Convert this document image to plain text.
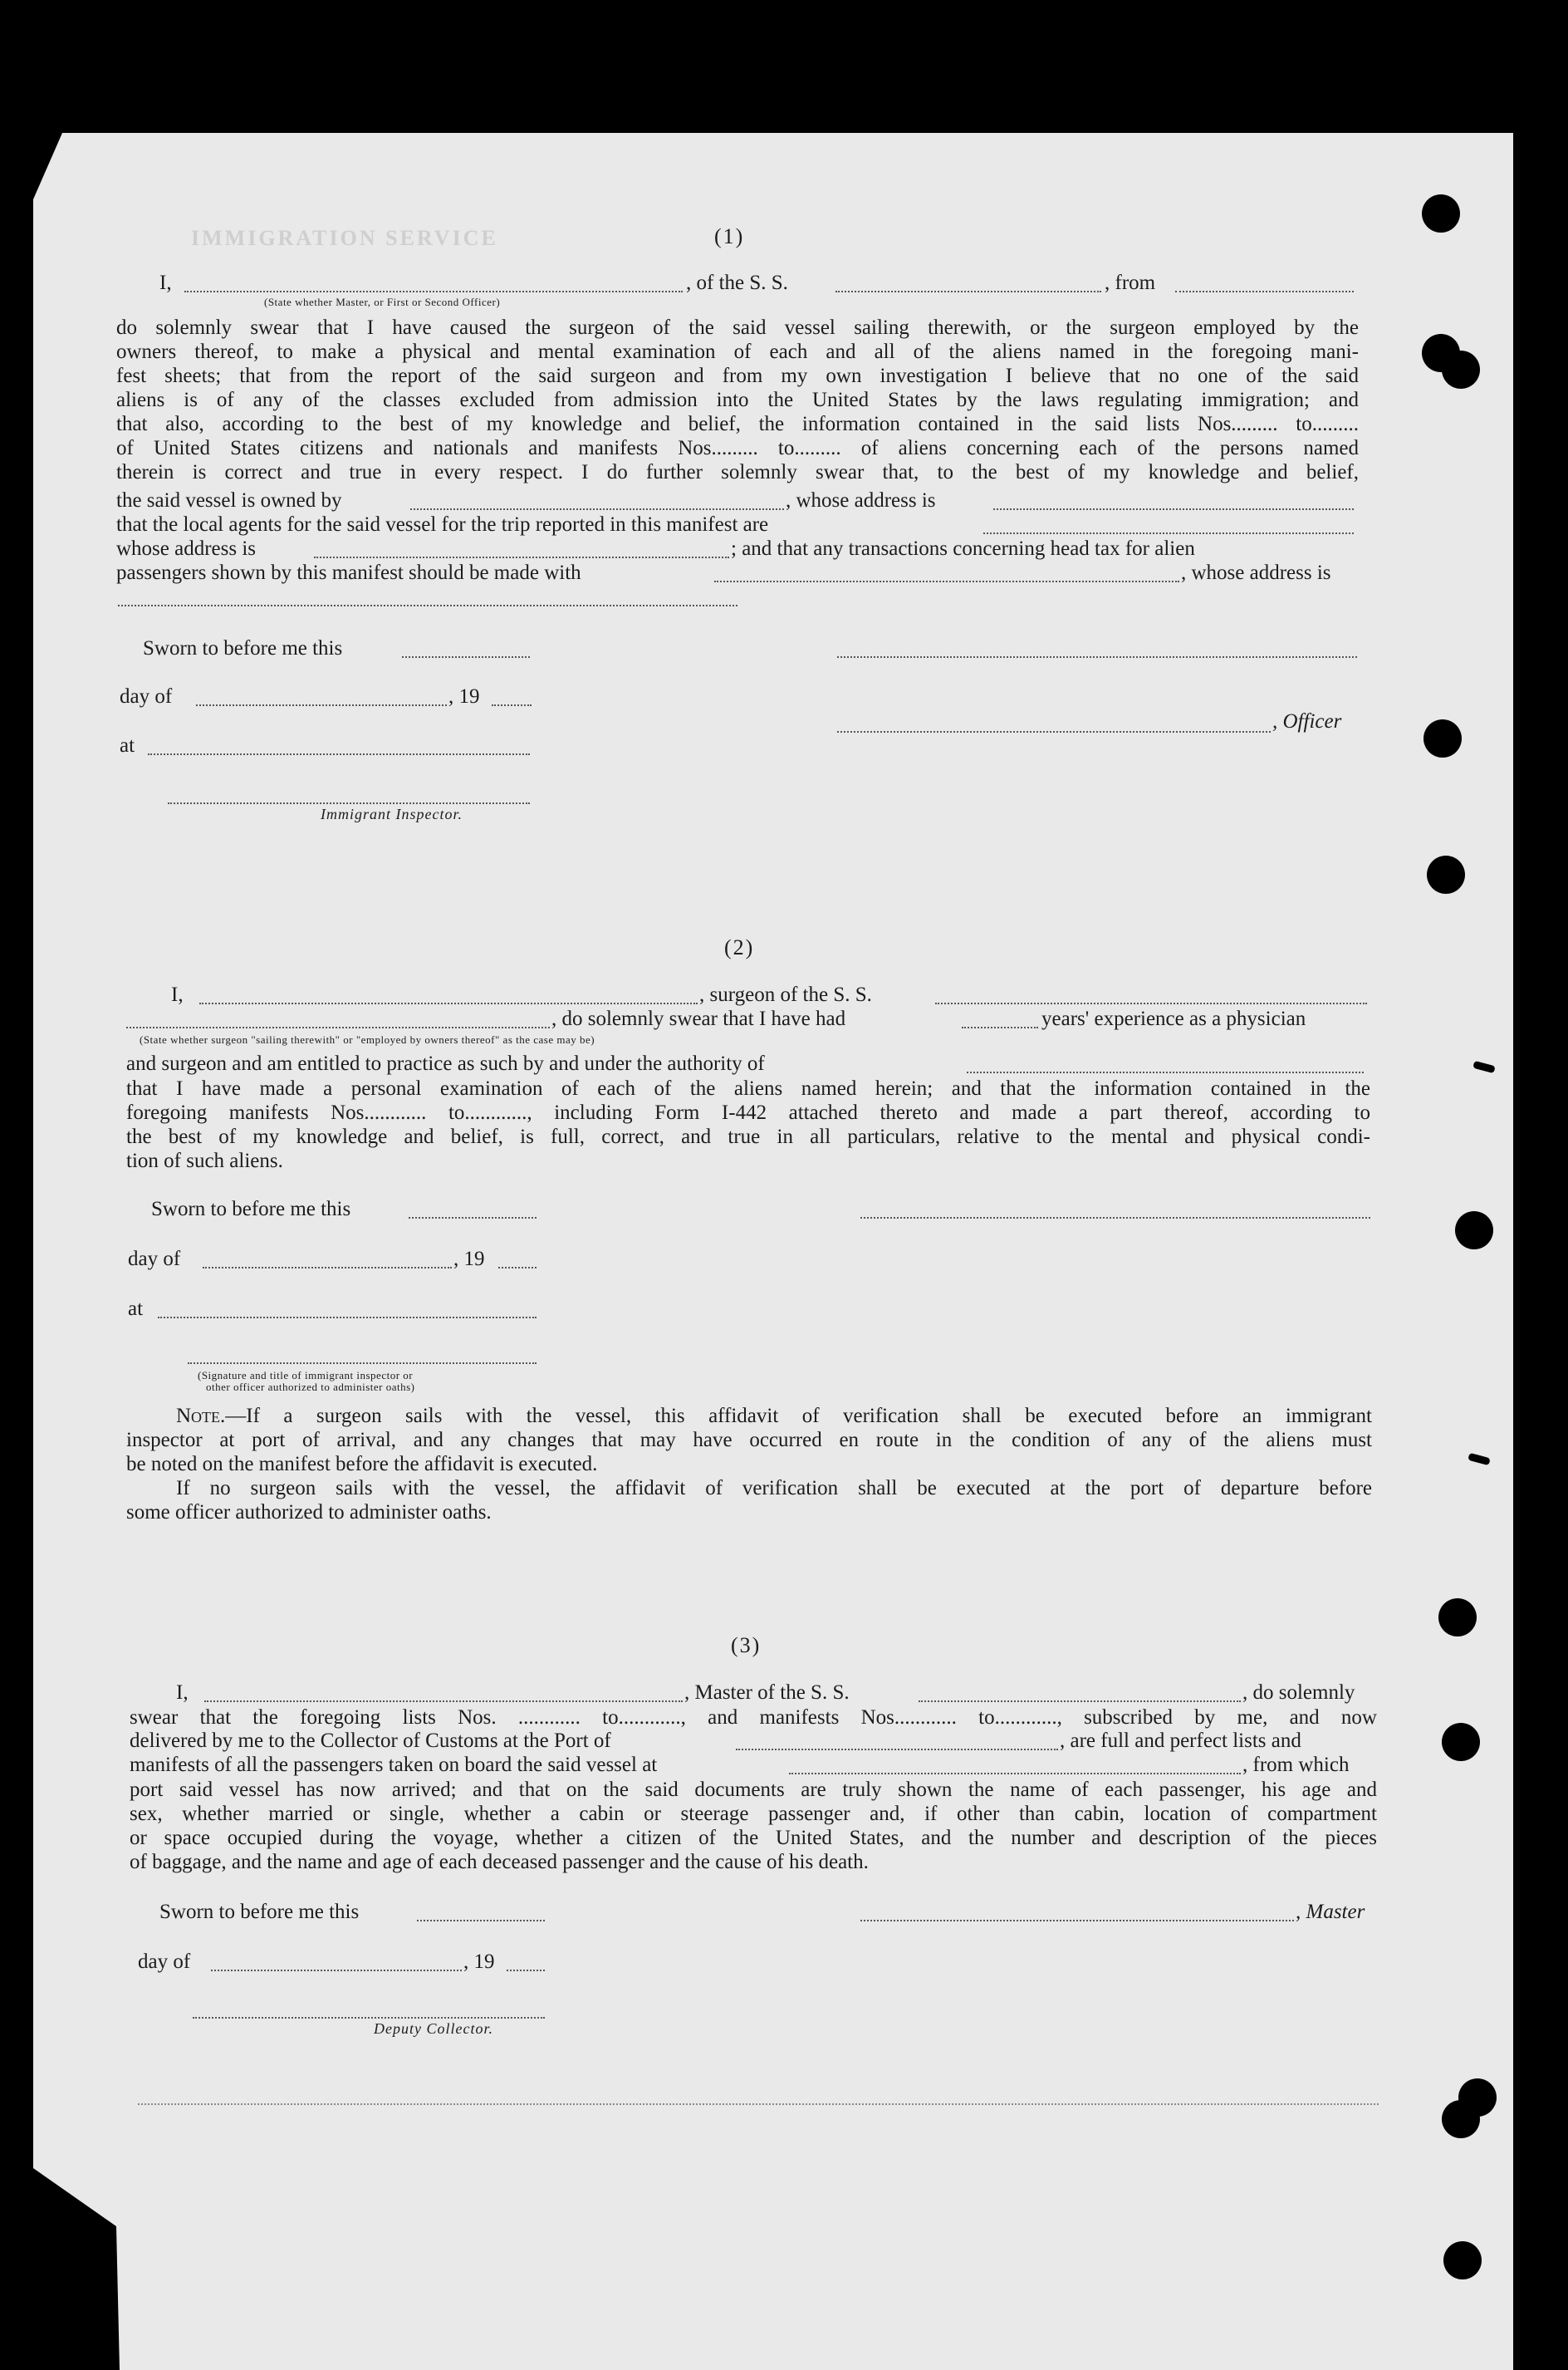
IMMIGRATION SERVICE	(1)
I,	, of the S. S.	, from
(State whether Master, or First or Second Officer)
do solemnly swear that I have caused the surgeon of the said vessel sailing therewith, or the surgeon employed by the
owners thereof, to make a physical and mental examination of each and all of the aliens named in the foregoing mani-
fest sheets; that from the report of the said surgeon and from my own investigation I believe that no one of the said
aliens is of any of the classes excluded from admission into the United States by the laws regulating immigration; and
that also, according to the best of my knowledge and belief, the information contained in the said lists Nos......... to.........
of United States citizens and nationals and manifests Nos......... to......... of aliens concerning each of the persons named
therein is correct and true in every respect. I do further solemnly swear that, to the best of my knowledge and belief,
the said vessel is owned by	, whose address is
that the local agents for the said vessel for the trip reported in this manifest are
whose address is	; and that any transactions concerning head tax for alien
passengers shown by this manifest should be made with	, whose address is
Sworn to before me this
day of	, 19
, Officer
at
Immigrant Inspector.
(2)
I,	, surgeon of the S. S.
, do solemnly swear that I have had	years' experience as a physician
(State whether surgeon "sailing therewith" or "employed by owners thereof" as the case may be)
and surgeon and am entitled to practice as such by and under the authority of
that I have made a personal examination of each of the aliens named herein; and that the information contained in the
foregoing manifests Nos............ to............, including Form I-442 attached thereto and made a part thereof, according to
the best of my knowledge and belief, is full, correct, and true in all particulars, relative to the mental and physical condi-
tion of such aliens.
Sworn to before me this
day of	, 19
at
(Signature and title of immigrant inspector or
other officer authorized to administer oaths)
Note.—If a surgeon sails with the vessel, this affidavit of verification shall be executed before an immigrant
inspector at port of arrival, and any changes that may have occurred en route in the condition of any of the aliens must
be noted on the manifest before the affidavit is executed.
If no surgeon sails with the vessel, the affidavit of verification shall be executed at the port of departure before
some officer authorized to administer oaths.
(3)
I,	, Master of the S. S.	, do solemnly
swear that the foregoing lists Nos. ............ to............, and manifests Nos............ to............, subscribed by me, and now
delivered by me to the Collector of Customs at the Port of	, are full and perfect lists and
manifests of all the passengers taken on board the said vessel at	, from which
port said vessel has now arrived; and that on the said documents are truly shown the name of each passenger, his age and
sex, whether married or single, whether a cabin or steerage passenger and, if other than cabin, location of compartment
or space occupied during the voyage, whether a citizen of the United States, and the number and description of the pieces
of baggage, and the name and age of each deceased passenger and the cause of his death.
Sworn to before me this	, Master
day of	, 19
Deputy Collector.
